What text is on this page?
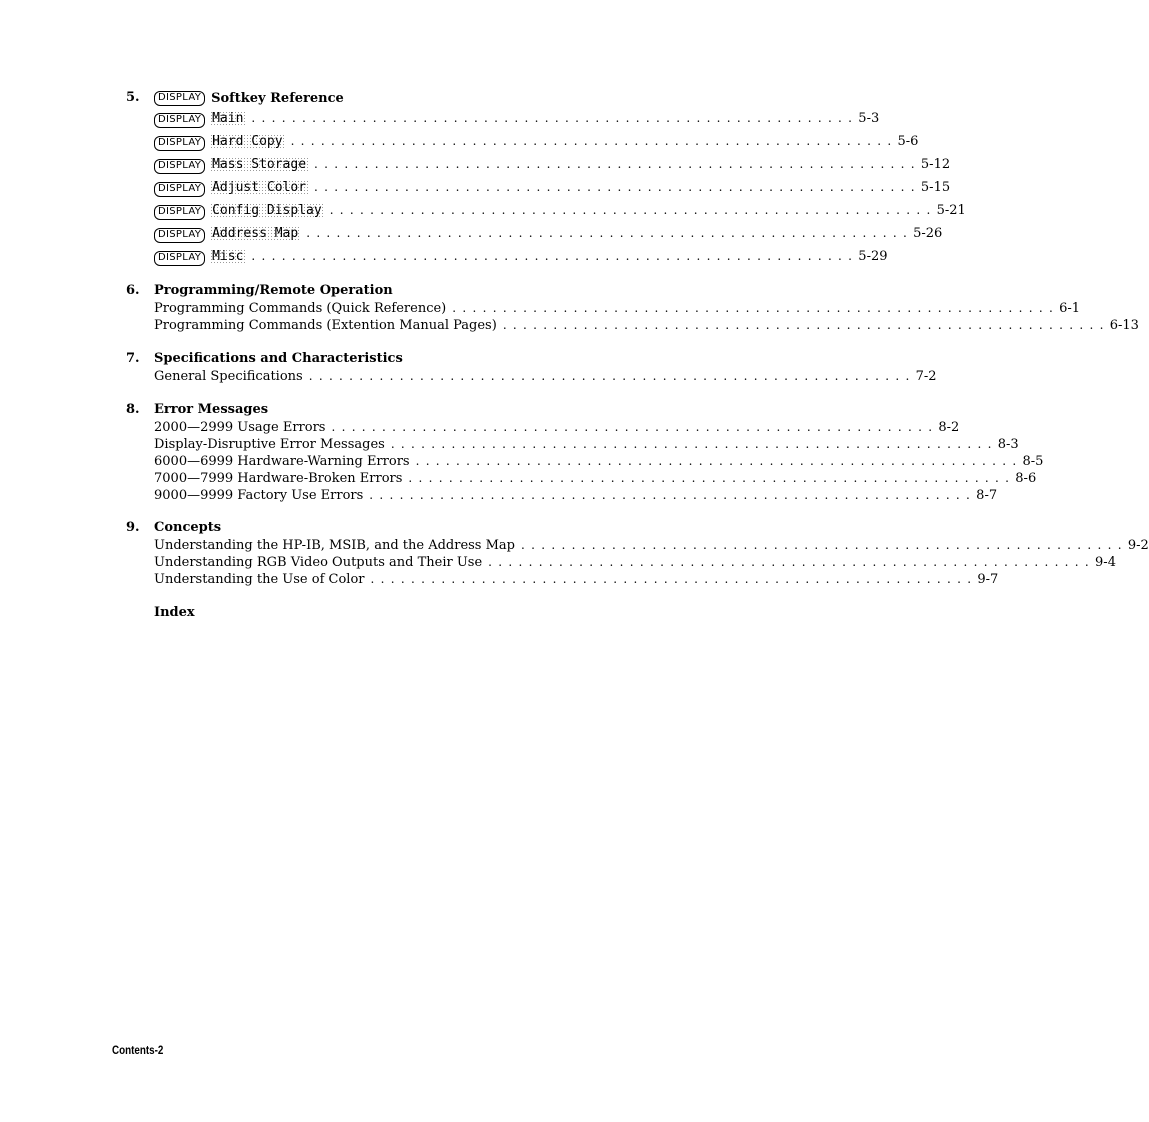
5.	DISPLAY Softkey Reference
DISPLAY Main ............................................................ 5-3
DISPLAY Hard Copy ............................................................ 5-6
DISPLAY Mass Storage ............................................................ 5-12
DISPLAY Adjust Color ............................................................ 5-15
DISPLAY Config Display ............................................................ 5-21
DISPLAY Address Map ............................................................ 5-26
DISPLAY Misc ............................................................ 5-29
6. Programming/Remote Operation
Programming Commands (Quick Reference) ............................................................ 6-1
Programming Commands (Extention Manual Pages) ............................................................ 6-13
7. Specifications and Characteristics
General Specifications ............................................................ 7-2
8. Error Messages
2000—2999 Usage Errors ............................................................ 8-2
Display-Disruptive Error Messages ............................................................ 8-3
6000—6999 Hardware-Warning Errors ............................................................ 8-5
7000—7999 Hardware-Broken Errors ............................................................ 8-6
9000—9999 Factory Use Errors ............................................................ 8-7
9. Concepts
Understanding the HP-IB, MSIB, and the Address Map ............................................................ 9-2
Understanding RGB Video Outputs and Their Use ............................................................ 9-4
Understanding the Use of Color ............................................................ 9-7
Index
Contents-2
